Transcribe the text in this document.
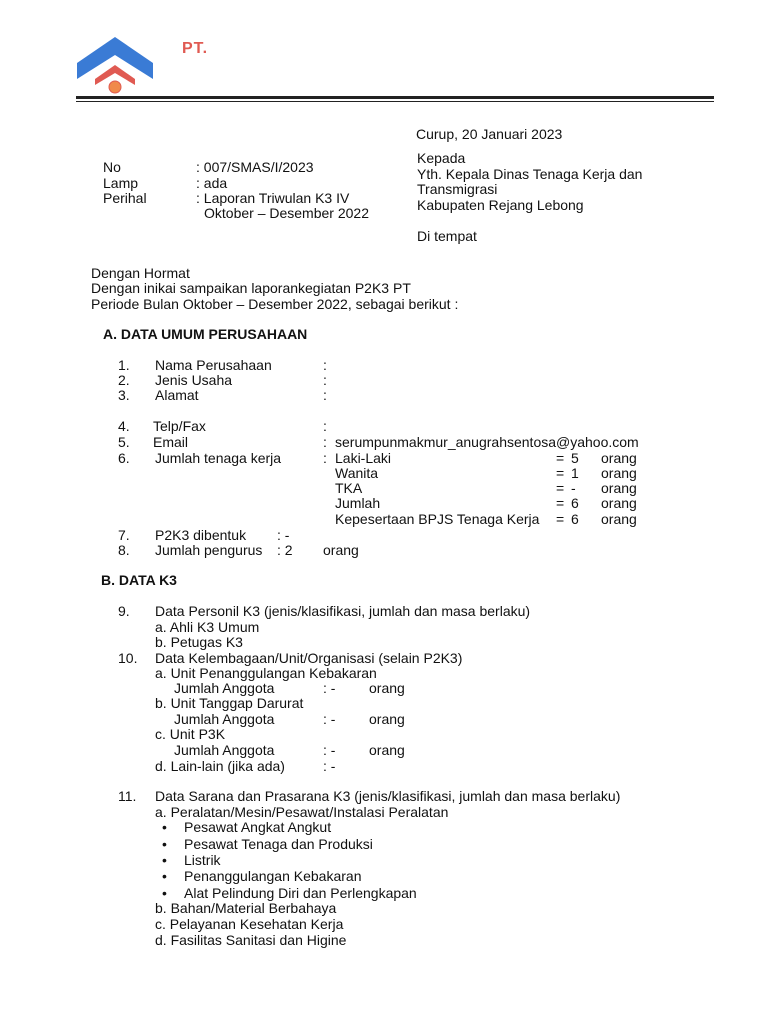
PT.
Curup, 20 Januari 2023
No	: 007/SMAS/I/2023
Lamp	: ada
Perihal	: Laporan Triwulan K3 IV
Oktober – Desember 2022
Kepada
Yth. Kepala Dinas Tenaga Kerja dan
Transmigrasi
Kabupaten Rejang Lebong
Di tempat
Dengan Hormat
Dengan inikai sampaikan laporankegiatan P2K3 PT
Periode Bulan Oktober – Desember 2022, sebagai berikut :
A. DATA UMUM PERUSAHAAN
1. Nama Perusahaan	:
2. Jenis Usaha	:
3. Alamat	:
4. Telp/Fax	:
5. Email	: serumpunmakmur_anugrahsentosa@yahoo.com
6. Jumlah tenaga kerja	: Laki-Laki	= 5 orang
Wanita	= 1 orang
TKA	= - orang
Jumlah	= 6 orang
Kepesertaan BPJS Tenaga Kerja = 6 orang
7. P2K3 dibentuk : -
8. Jumlah pengurus : 2 orang
B. DATA K3
9. Data Personil K3 (jenis/klasifikasi, jumlah dan masa berlaku)
a. Ahli K3 Umum
b. Petugas K3
10. Data Kelembagaan/Unit/Organisasi (selain P2K3)
a. Unit Penanggulangan Kebakaran
Jumlah Anggota	: - orang
b. Unit Tanggap Darurat
Jumlah Anggota	: - orang
c. Unit P3K
Jumlah Anggota	: - orang
d. Lain-lain (jika ada)	: -
11. Data Sarana dan Prasarana K3 (jenis/klasifikasi, jumlah dan masa berlaku)
a. Peralatan/Mesin/Pesawat/Instalasi Peralatan
• Pesawat Angkat Angkut
• Pesawat Tenaga dan Produksi
• Listrik
• Penanggulangan Kebakaran
• Alat Pelindung Diri dan Perlengkapan
b. Bahan/Material Berbahaya
c. Pelayanan Kesehatan Kerja
d. Fasilitas Sanitasi dan Higine
